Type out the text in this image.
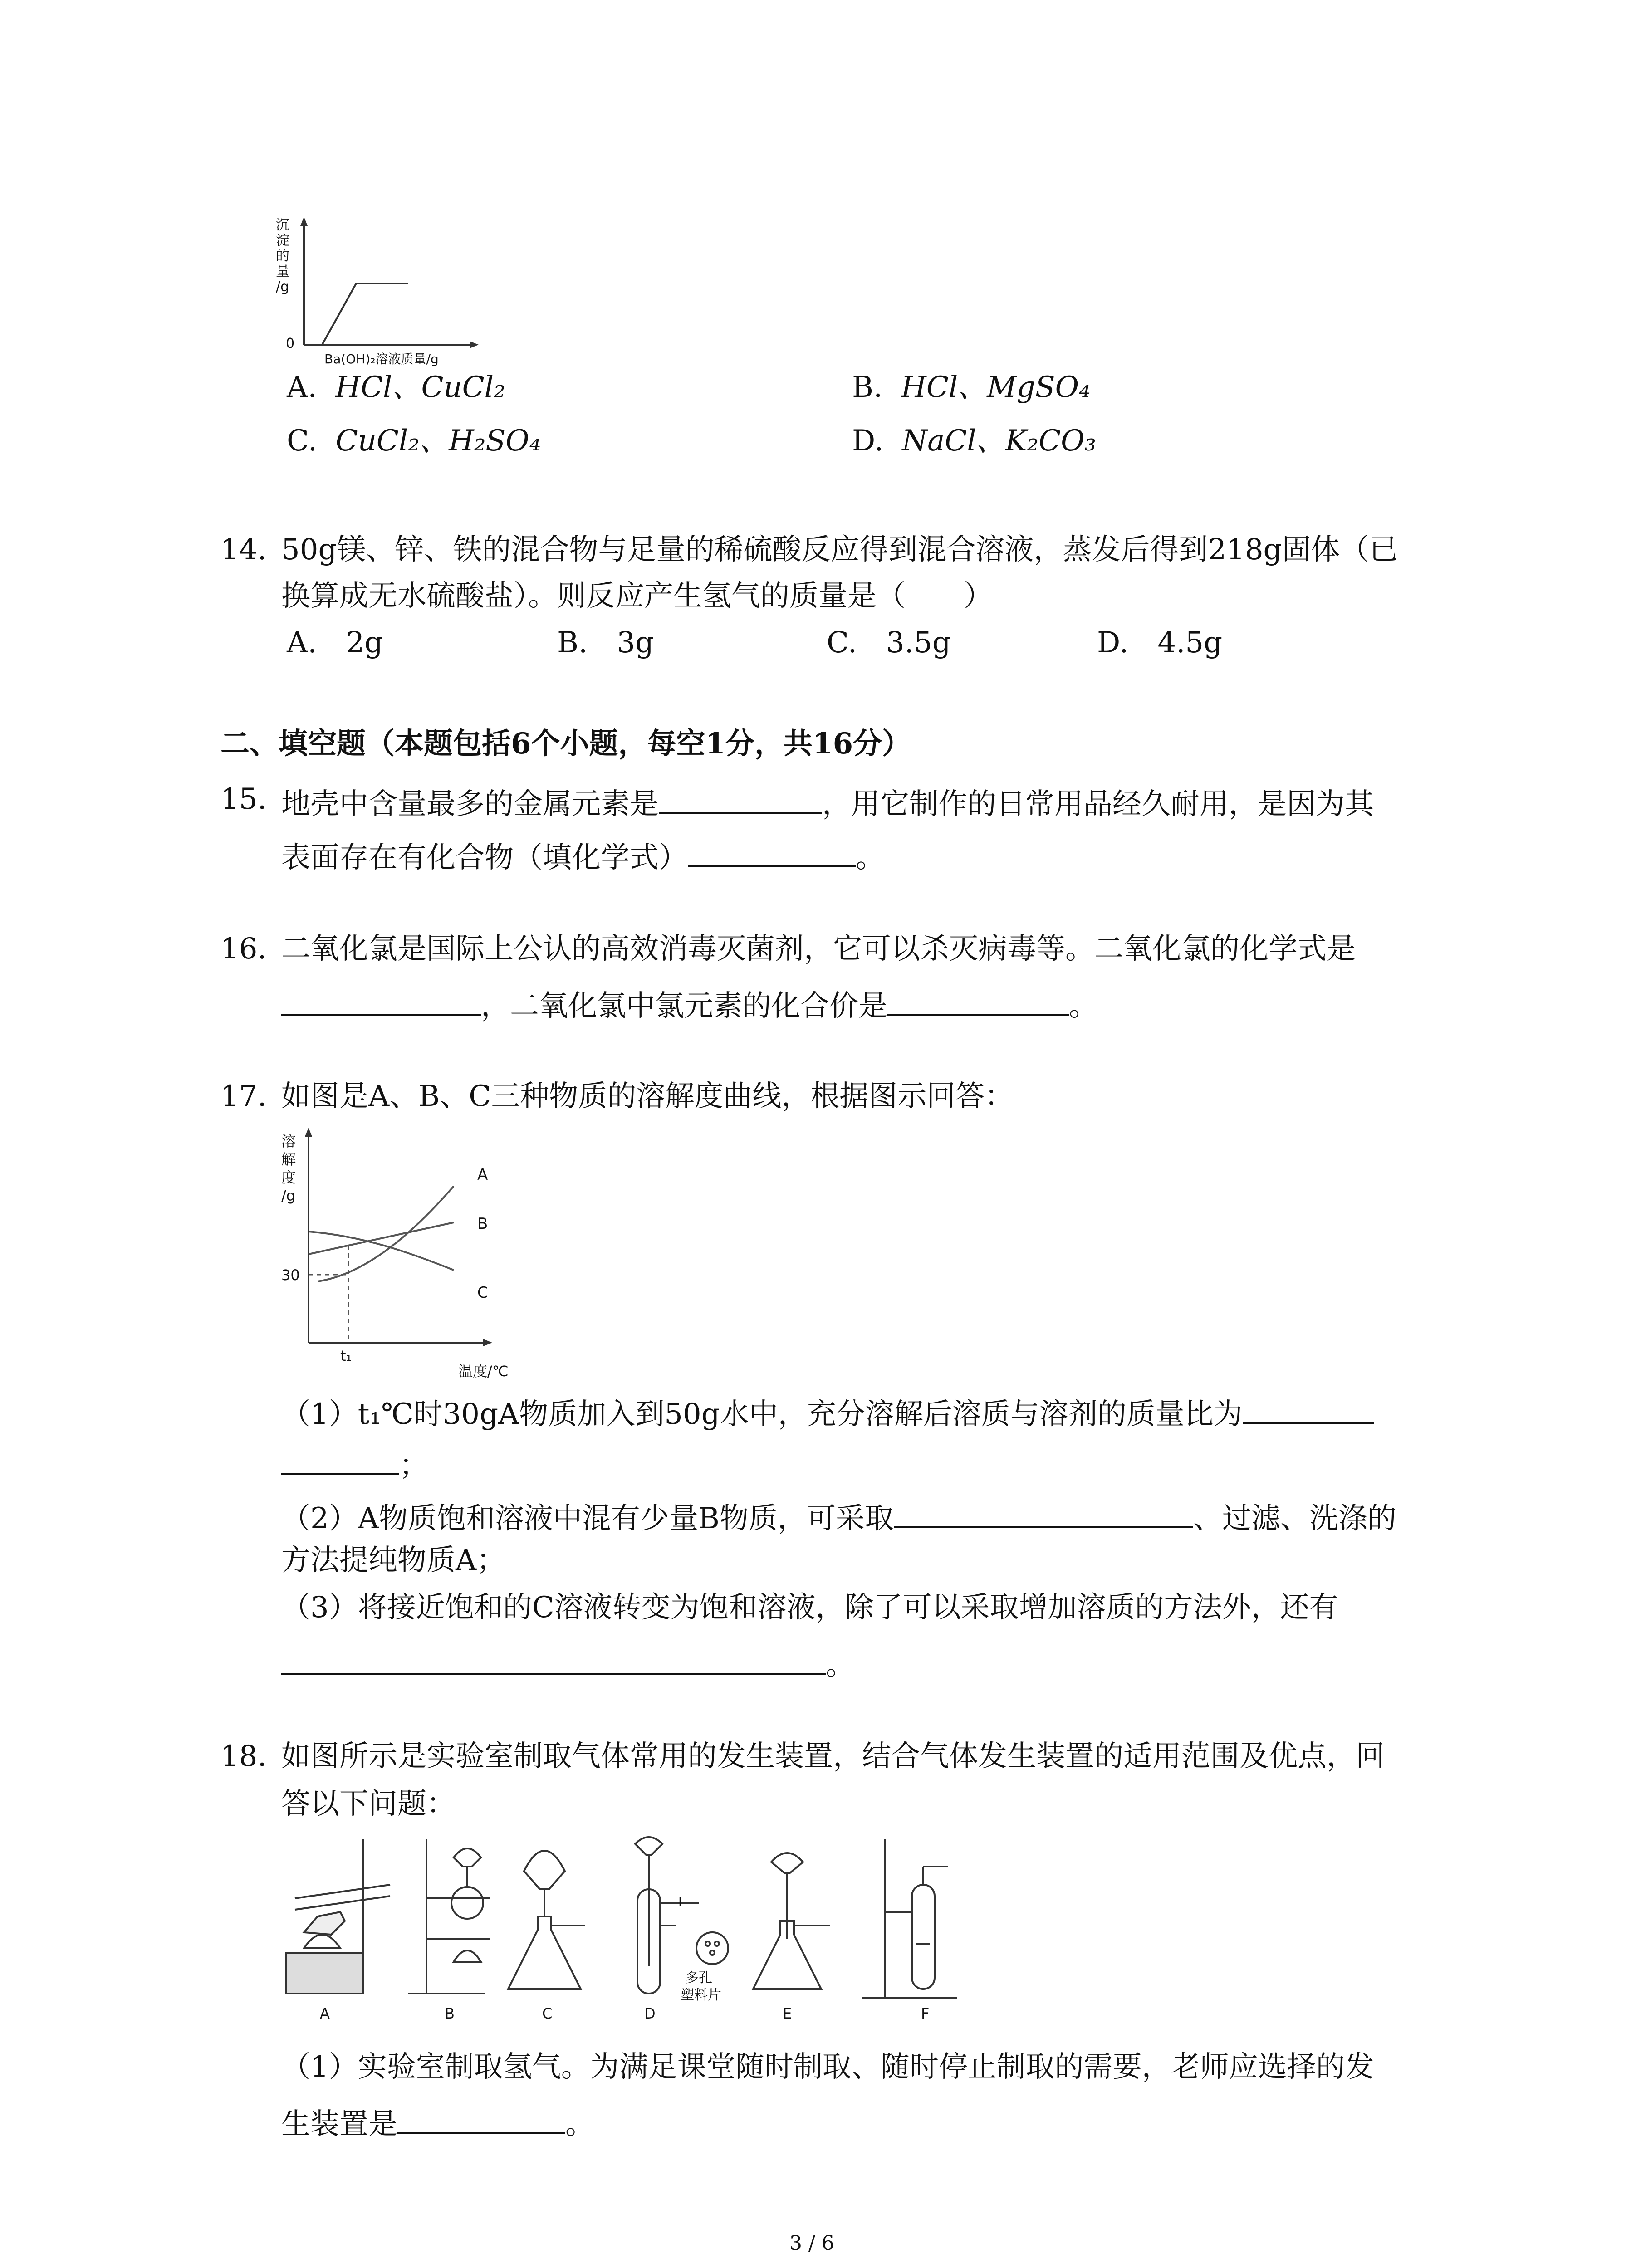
沉
淀
的
量
/g
0
Ba(OH)₂溶液质量/g
A. HCl、CuCl₂	B. HCl、MgSO₄
C. CuCl₂、H₂SO₄	D. NaCl、K₂CO₃
14. 50g镁、锌、铁的混合物与足量的稀硫酸反应得到混合溶液，蒸发后得到218g固体（已
换算成无水硫酸盐）。则反应产生氢气的质量是（　　）
A.　2g	B.　3g	C.　3.5g	D.　4.5g
二、填空题（本题包括6个小题，每空1分，共16分）
15. 地壳中含量最多的金属元素是	，用它制作的日常用品经久耐用，是因为其
表面存在有化合物（填化学式）	。
16. 二氧化氯是国际上公认的高效消毒灭菌剂，它可以杀灭病毒等。二氧化氯的化学式是
，二氧化氯中氯元素的化合价是	。
17. 如图是A、B、C三种物质的溶解度曲线，根据图示回答：
溶
解
度
/g
30
t₁
温度/℃
A
B
C
（1）t₁℃时30gA物质加入到50g水中，充分溶解后溶质与溶剂的质量比为
；
（2）A物质饱和溶液中混有少量B物质，可采取	、过滤、洗涤的
方法提纯物质A；
（3）将接近饱和的C溶液转变为饱和溶液，除了可以采取增加溶质的方法外，还有
。
18. 如图所示是实验室制取气体常用的发生装置，结合气体发生装置的适用范围及优点，回
答以下问题：
A	B	C	D	E	F
I
多孔
塑料片
（1）实验室制取氢气。为满足课堂随时制取、随时停止制取的需要，老师应选择的发
生装置是	。
3 / 6
